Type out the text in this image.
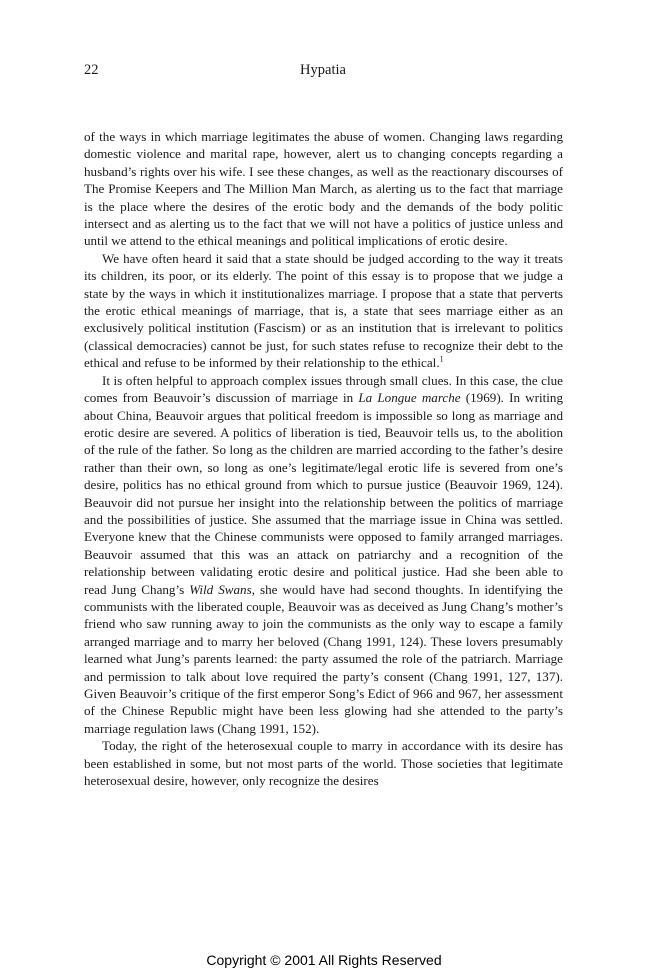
22	Hypatia

of the ways in which marriage legitimates the abuse of women. Changing laws regarding domestic violence and marital rape, however, alert us to changing concepts regarding a husband’s rights over his wife. I see these changes, as well as the reactionary discourses of The Promise Keepers and The Million Man March, as alerting us to the fact that marriage is the place where the desires of the erotic body and the demands of the body politic intersect and as alerting us to the fact that we will not have a politics of justice unless and until we attend to the ethical meanings and political implications of erotic desire.

We have often heard it said that a state should be judged according to the way it treats its children, its poor, or its elderly. The point of this essay is to propose that we judge a state by the ways in which it institutionalizes marriage. I propose that a state that perverts the erotic ethical meanings of marriage, that is, a state that sees marriage either as an exclusively political institution (Fascism) or as an institution that is irrelevant to politics (classical democracies) cannot be just, for such states refuse to recognize their debt to the ethical and refuse to be informed by their relationship to the ethical.$^1$

It is often helpful to approach complex issues through small clues. In this case, the clue comes from Beauvoir’s discussion of marriage in La Longue marche (1969). In writing about China, Beauvoir argues that political freedom is impossible so long as marriage and erotic desire are severed. A politics of liberation is tied, Beauvoir tells us, to the abolition of the rule of the father. So long as the children are married according to the father’s desire rather than their own, so long as one’s legitimate/legal erotic life is severed from one’s desire, politics has no ethical ground from which to pursue justice (Beauvoir 1969, 124). Beauvoir did not pursue her insight into the relationship between the politics of marriage and the possibilities of justice. She assumed that the marriage issue in China was settled. Everyone knew that the Chinese communists were opposed to family arranged marriages. Beauvoir assumed that this was an attack on patriarchy and a recognition of the relationship between validating erotic desire and political justice. Had she been able to read Jung Chang’s Wild Swans, she would have had second thoughts. In identifying the communists with the liberated couple, Beauvoir was as deceived as Jung Chang’s mother’s friend who saw running away to join the communists as the only way to escape a family arranged marriage and to marry her beloved (Chang 1991, 124). These lovers presumably learned what Jung’s parents learned: the party assumed the role of the patriarch. Marriage and permission to talk about love required the party’s consent (Chang 1991, 127, 137). Given Beauvoir’s critique of the first emperor Song’s Edict of 966 and 967, her assessment of the Chinese Republic might have been less glowing had she attended to the party’s marriage regulation laws (Chang 1991, 152).

Today, the right of the heterosexual couple to marry in accordance with its desire has been established in some, but not most parts of the world. Those societies that legitimate heterosexual desire, however, only recognize the desires

Copyright © 2001 All Rights Reserved
